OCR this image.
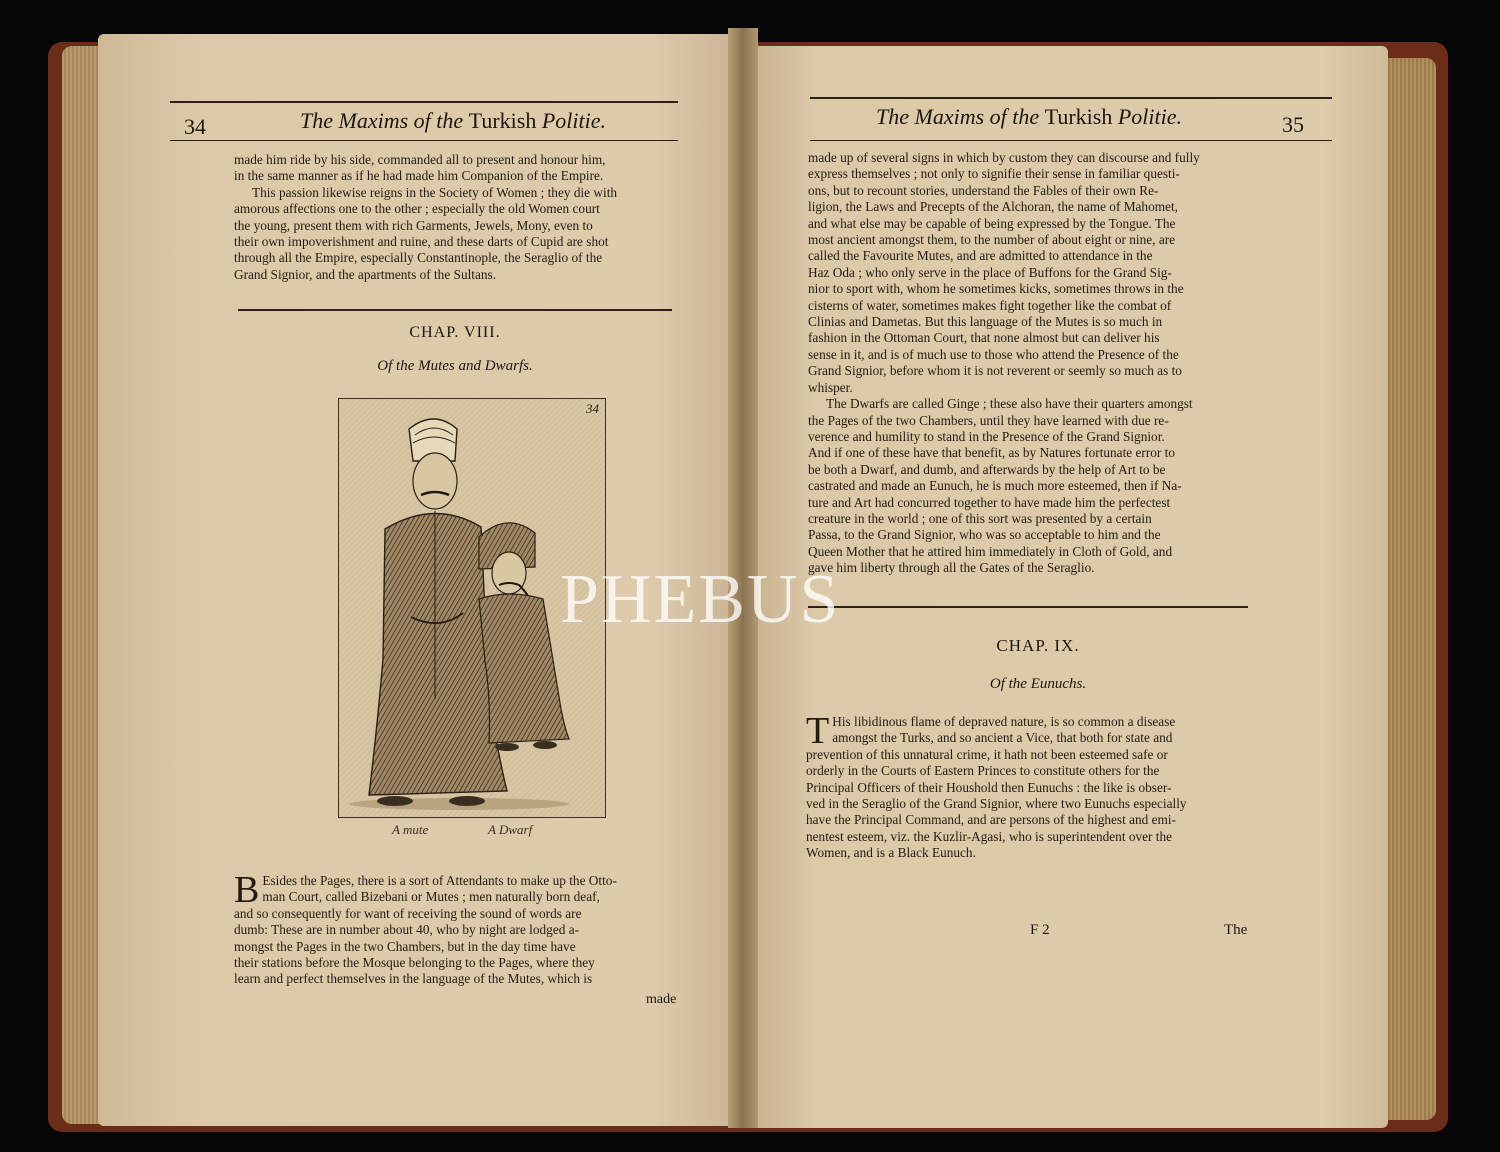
34	The Maxims of the Turkish Politie.
made him ride by his side, commanded all to present and honour him,
in the same manner as if he had made him Companion of the Empire.
This passion likewise reigns in the Society of Women ; they die with
amorous affections one to the other ; especially the old Women court
the young, present them with rich Garments, Jewels, Mony, even to
their own impoverishment and ruine, and these darts of Cupid are shot
through all the Empire, especially Constantinople, the Seraglio of the
Grand Signior, and the apartments of the Sultans.
CHAP. VIII.
Of the Mutes and Dwarfs.
34
A mute	A Dwarf
B Esides the Pages, there is a sort of Attendants to make up the Otto-
man Court, called Bizebani or Mutes ; men naturally born deaf,
and so consequently for want of receiving the sound of words are
dumb: These are in number about 40, who by night are lodged a-
mongst the Pages in the two Chambers, but in the day time have
their stations before the Mosque belonging to the Pages, where they
learn and perfect themselves in the language of the Mutes, which is
made
The Maxims of the Turkish Politie.	35
made up of several signs in which by custom they can discourse and fully
express themselves ; not only to signifie their sense in familiar questi-
ons, but to recount stories, understand the Fables of their own Re-
ligion, the Laws and Precepts of the Alchoran, the name of Mahomet,
and what else may be capable of being expressed by the Tongue. The
most ancient amongst them, to the number of about eight or nine, are
called the Favourite Mutes, and are admitted to attendance in the
Haz Oda ; who only serve in the place of Buffons for the Grand Sig-
nior to sport with, whom he sometimes kicks, sometimes throws in the
cisterns of water, sometimes makes fight together like the combat of
Clinias and Dametas. But this language of the Mutes is so much in
fashion in the Ottoman Court, that none almost but can deliver his
sense in it, and is of much use to those who attend the Presence of the
Grand Signior, before whom it is not reverent or seemly so much as to
whisper.
The Dwarfs are called Ginge ; these also have their quarters amongst
the Pages of the two Chambers, until they have learned with due re-
verence and humility to stand in the Presence of the Grand Signior.
And if one of these have that benefit, as by Natures fortunate error to
be both a Dwarf, and dumb, and afterwards by the help of Art to be
castrated and made an Eunuch, he is much more esteemed, then if Na-
ture and Art had concurred together to have made him the perfectest
creature in the world ; one of this sort was presented by a certain
Passa, to the Grand Signior, who was so acceptable to him and the
Queen Mother that he attired him immediately in Cloth of Gold, and
gave him liberty through all the Gates of the Seraglio.
CHAP. IX.
Of the Eunuchs.
T His libidinous flame of depraved nature, is so common a disease
amongst the Turks, and so ancient a Vice, that both for state and
prevention of this unnatural crime, it hath not been esteemed safe or
orderly in the Courts of Eastern Princes to constitute others for the
Principal Officers of their Houshold then Eunuchs : the like is obser-
ved in the Seraglio of the Grand Signior, where two Eunuchs especially
have the Principal Command, and are persons of the highest and emi-
nentest esteem, viz. the Kuzlir-Agasi, who is superintendent over the
Women, and is a Black Eunuch.
F 2	The
PHEBUS
